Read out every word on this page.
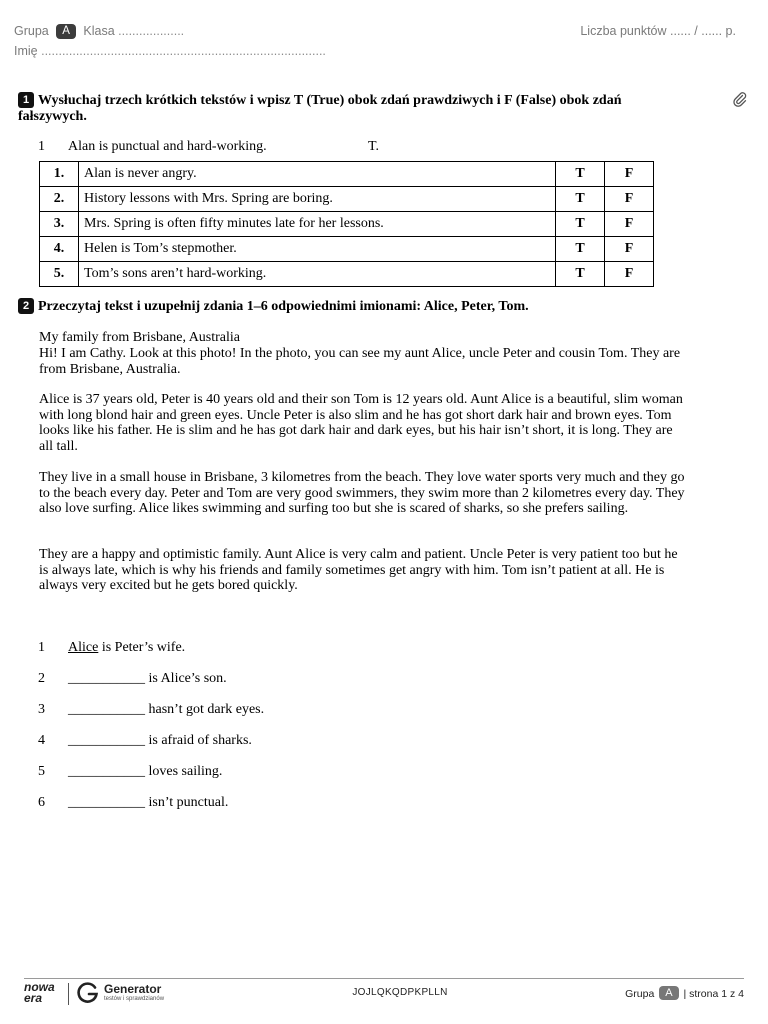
Grupa A Klasa ...................
Imię ..................................................................................
Liczba punktów ...... / ...... p.
1 Wysłuchaj trzech krótkich tekstów i wpisz T (True) obok zdań prawdziwych i F (False) obok zdań fałszywych.
1 Alan is punctual and hard-working.	T.
1.	Alan is never angry.	T	F
2.	History lessons with Mrs. Spring are boring.	T	F
3.	Mrs. Spring is often fifty minutes late for her lessons.	T	F
4.	Helen is Tom’s stepmother.	T	F
5.	Tom’s sons aren’t hard-working.	T	F
2 Przeczytaj tekst i uzupełnij zdania 1–6 odpowiednimi imionami: Alice, Peter, Tom.

My family from Brisbane, Australia

Hi! I am Cathy. Look at this photo! In the photo, you can see my aunt Alice, uncle Peter and cousin Tom. They are from Brisbane, Australia.

Alice is 37 years old, Peter is 40 years old and their son Tom is 12 years old. Aunt Alice is a beautiful, slim woman with long blond hair and green eyes. Uncle Peter is also slim and he has got short dark hair and brown eyes. Tom looks like his father. He is slim and he has got dark hair and dark eyes, but his hair isn’t short, it is long. They are all tall.

They live in a small house in Brisbane, 3 kilometres from the beach. They love water sports very much and they go to the beach every day. Peter and Tom are very good swimmers, they swim more than 2 kilometres every day. They also love surfing. Alice likes swimming and surfing too but she is scared of sharks, so she prefers sailing.

They are a happy and optimistic family. Aunt Alice is very calm and patient. Uncle Peter is very patient too but he is always late, which is why his friends and family sometimes get angry with him. Tom isn’t patient at all. He is always very excited but he gets bored quickly.

1 Alice is Peter’s wife.
2 ___________ is Alice’s son.
3 ___________ hasn’t got dark eyes.
4 ___________ is afraid of sharks.
5 ___________ loves sailing.
6 ___________ isn’t punctual.
nowa
era
Generator
testów i sprawdzianów
JOJLQKQDPKPLLN	Grupa A | strona 1 z 4
